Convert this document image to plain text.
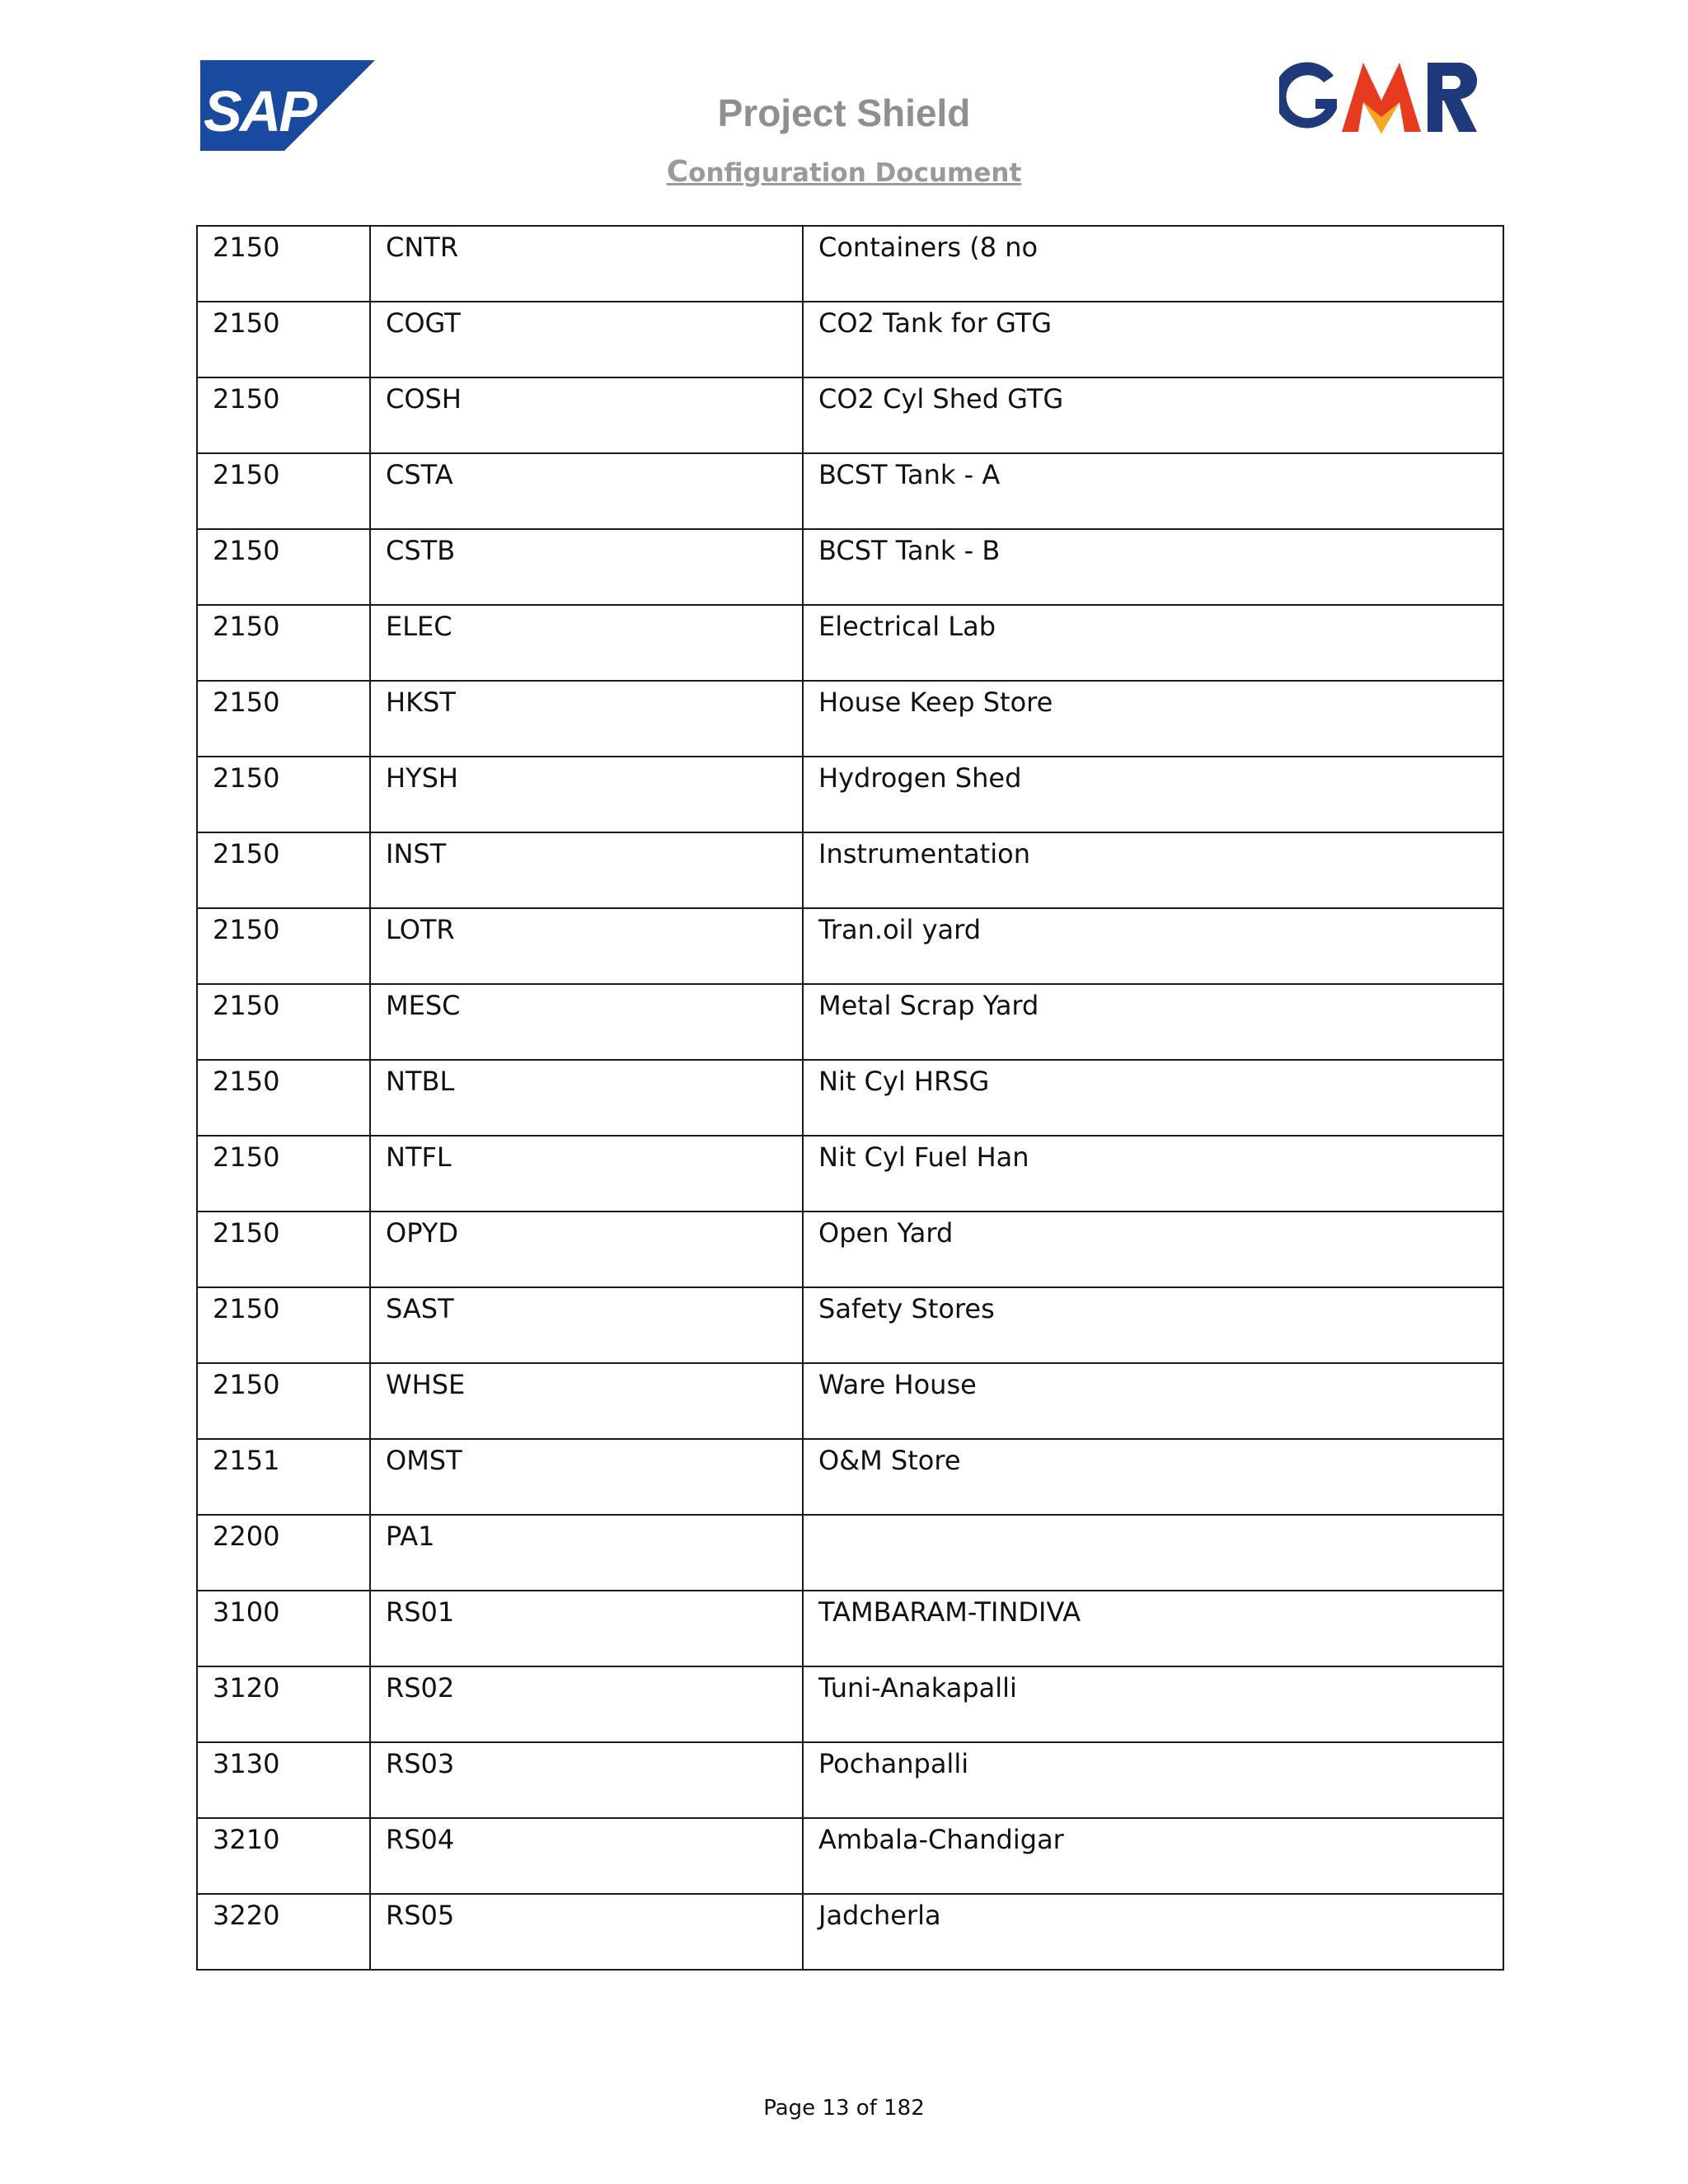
SAP	Project Shield
Configuration Document
2150	CNTR	Containers (8 no
2150	COGT	CO2 Tank for GTG
2150	COSH	CO2 Cyl Shed GTG
2150	CSTA	BCST Tank - A
2150	CSTB	BCST Tank - B
2150	ELEC	Electrical Lab
2150	HKST	House Keep Store
2150	HYSH	Hydrogen Shed
2150	INST	Instrumentation
2150	LOTR	Tran.oil yard
2150	MESC	Metal Scrap Yard
2150	NTBL	Nit Cyl HRSG
2150	NTFL	Nit Cyl Fuel Han
2150	OPYD	Open Yard
2150	SAST	Safety Stores
2150	WHSE	Ware House
2151	OMST	O&M Store
2200	PA1	
3100	RS01	TAMBARAM-TINDIVA
3120	RS02	Tuni-Anakapalli
3130	RS03	Pochanpalli
3210	RS04	Ambala-Chandigar
3220	RS05	Jadcherla
Page 13 of 182
